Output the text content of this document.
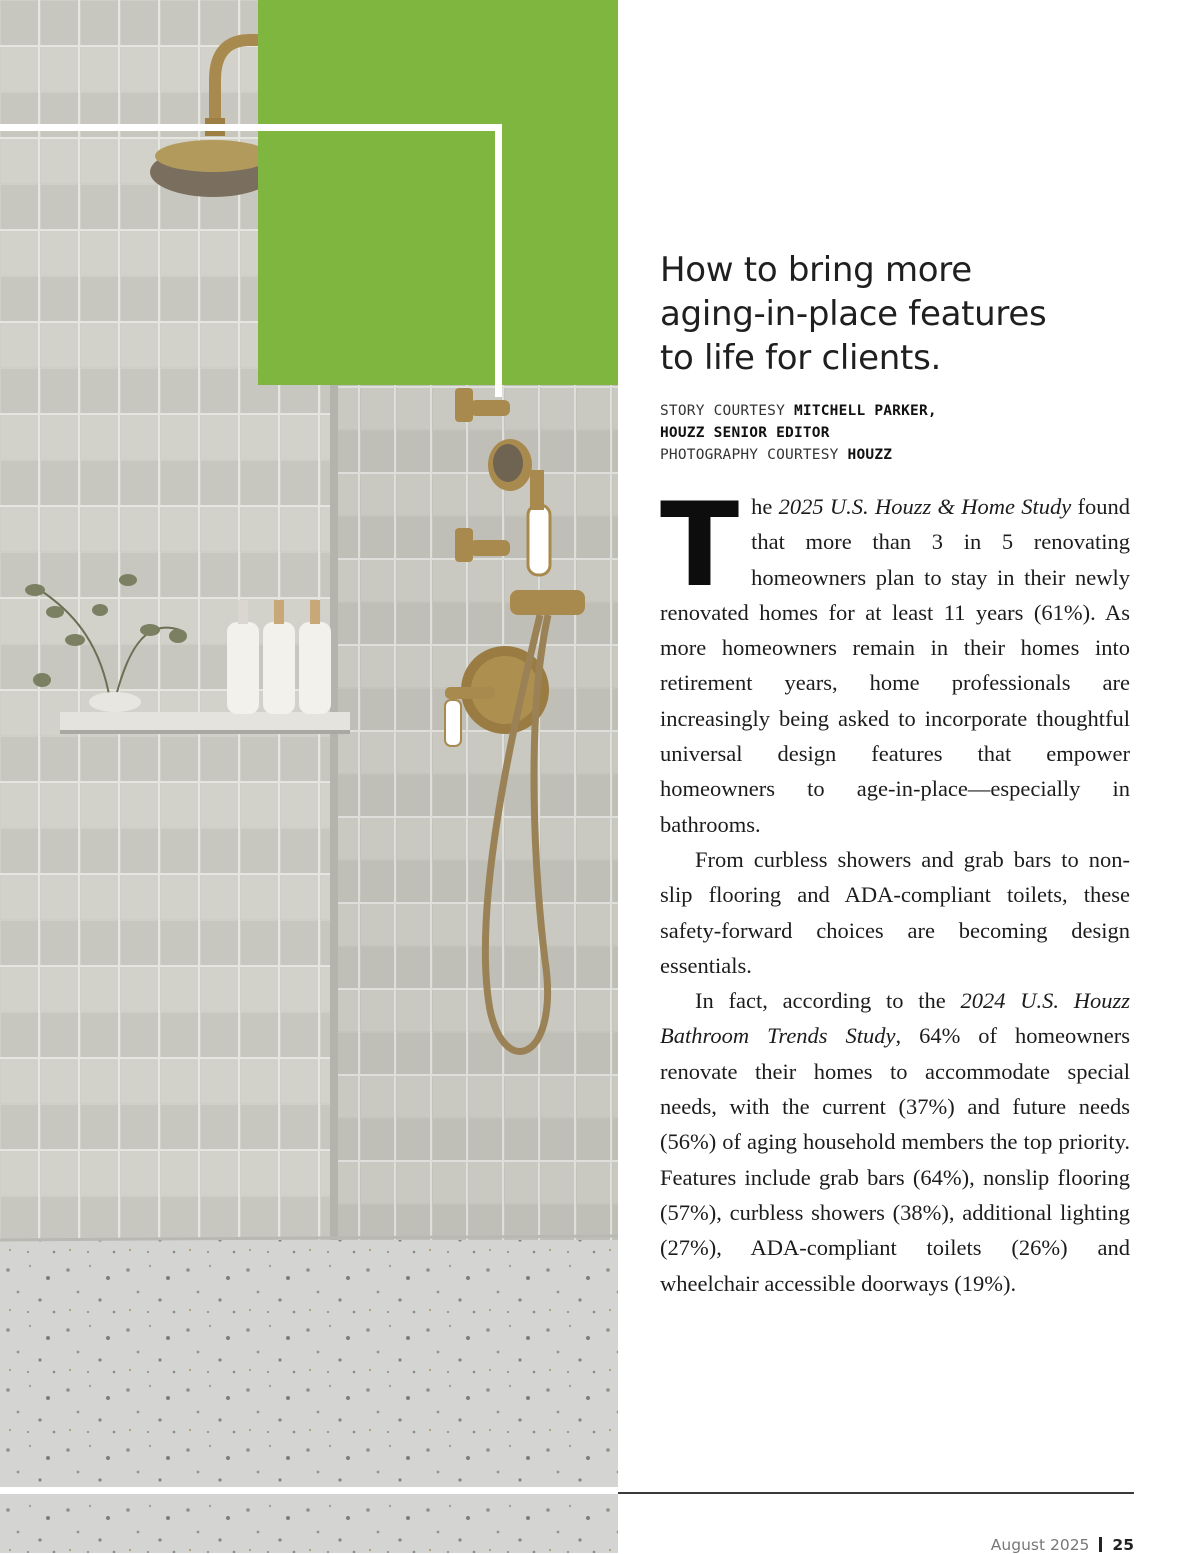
How to bring more
aging-in-place features
to life for clients.
STORY COURTESY MITCHELL PARKER,
HOUZZ SENIOR EDITOR
PHOTOGRAPHY COURTESY HOUZZ

The 2025 U.S. Houzz & Home Study found that more than 3 in 5 renovating homeowners plan to stay in their newly renovated homes for at least 11 years (61%). As more homeowners remain in their homes into retirement years, home professionals are increasingly being asked to incorporate thoughtful universal design features that empower homeowners to age-in-place—especially in bathrooms.

From curbless showers and grab bars to non-slip flooring and ADA-compliant toilets, these safety-forward choices are becoming design essentials.

In fact, according to the 2024 U.S. Houzz Bathroom Trends Study, 64% of homeowners renovate their homes to accommodate special needs, with the current (37%) and future needs (56%) of aging household members the top priority. Features include grab bars (64%), nonslip flooring (57%), curbless showers (38%), additional lighting (27%), ADA-compliant toilets (26%) and wheelchair accessible doorways (19%).

August 2025 25
